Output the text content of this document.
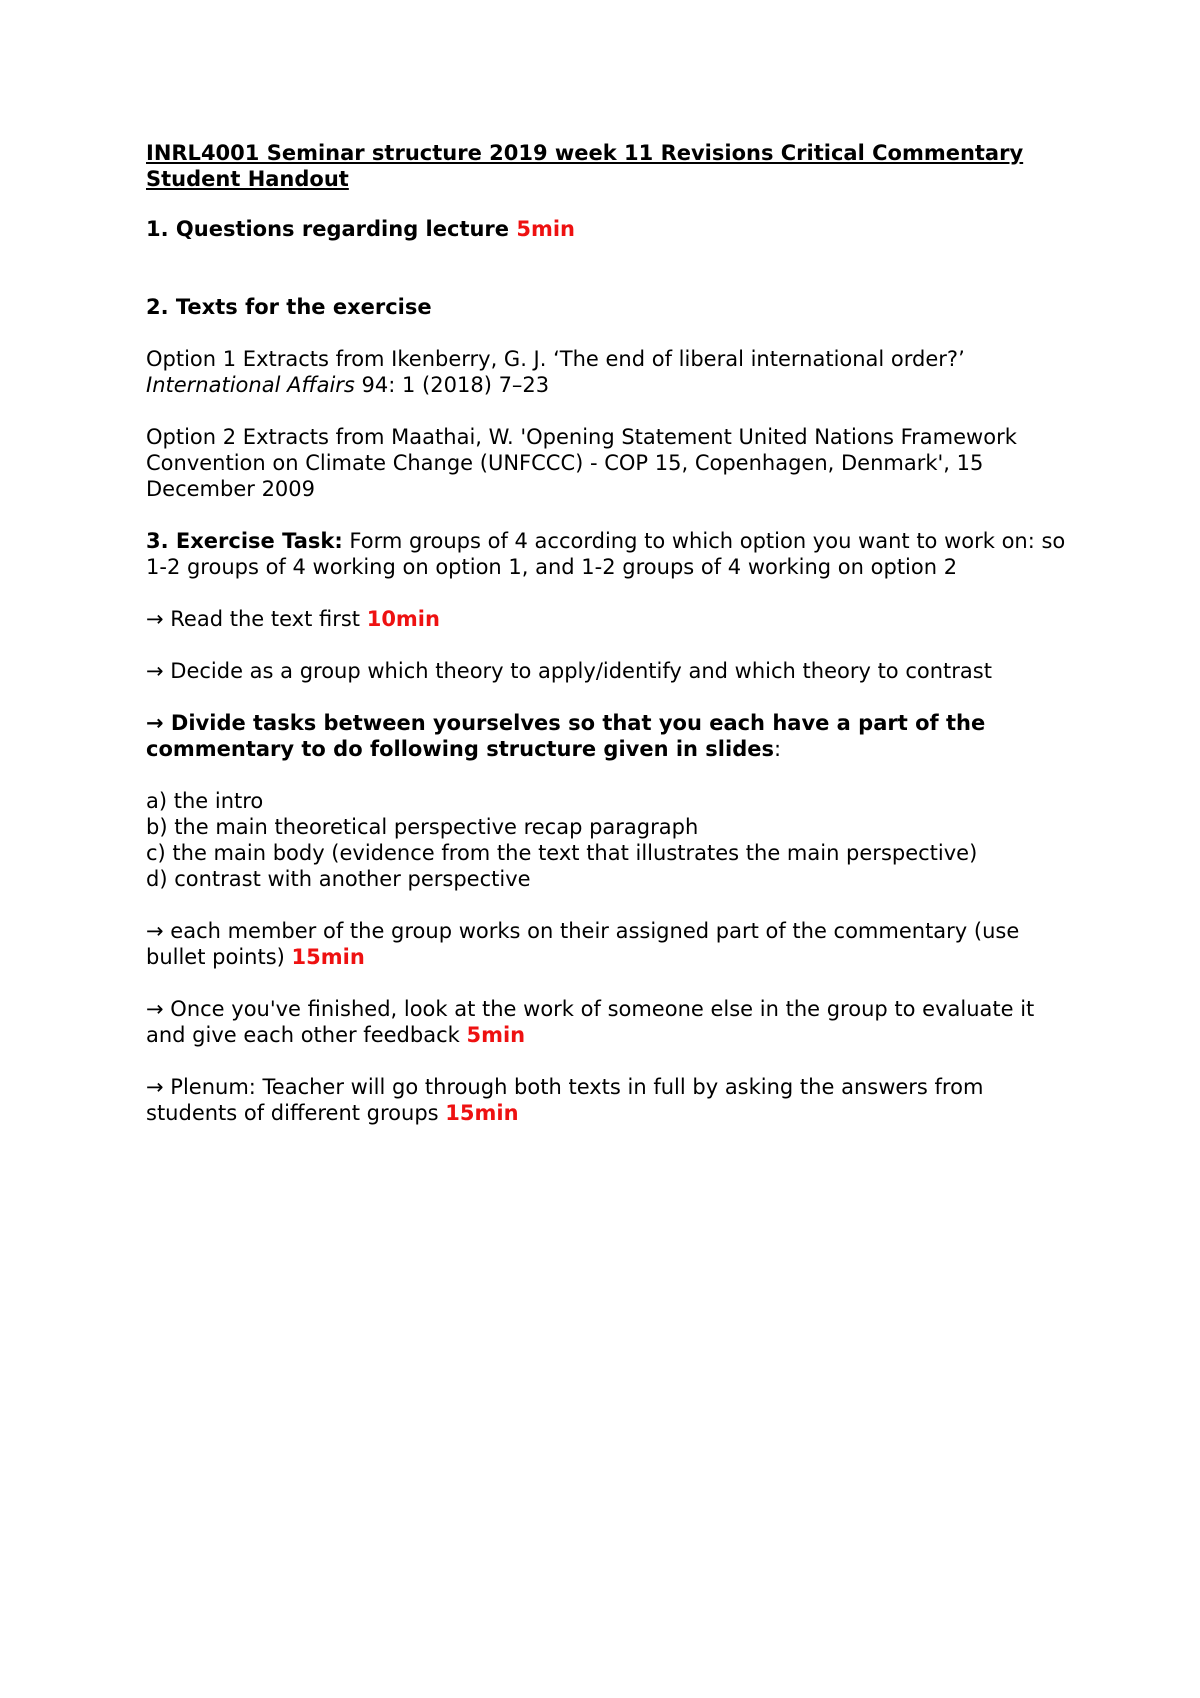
INRL4001 Seminar structure 2019 week 11 Revisions Critical Commentary Student Handout

1. Questions regarding lecture 5min

2. Texts for the exercise

Option 1 Extracts from Ikenberry, G. J. ‘The end of liberal international order?’ International Affairs 94: 1 (2018) 7–23

Option 2 Extracts from Maathai, W. 'Opening Statement United Nations Framework Convention on Climate Change (UNFCCC) - COP 15, Copenhagen, Denmark', 15 December 2009

3. Exercise Task: Form groups of 4 according to which option you want to work on: so 1-2 groups of 4 working on option 1, and 1-2 groups of 4 working on option 2

→ Read the text first 10min

→ Decide as a group which theory to apply/identify and which theory to contrast

→ Divide tasks between yourselves so that you each have a part of the commentary to do following structure given in slides:

a) the intro

b) the main theoretical perspective recap paragraph

c) the main body (evidence from the text that illustrates the main perspective)

d) contrast with another perspective

→ each member of the group works on their assigned part of the commentary (use bullet points) 15min

→ Once you've finished, look at the work of someone else in the group to evaluate it and give each other feedback 5min

→ Plenum: Teacher will go through both texts in full by asking the answers from students of different groups 15min
